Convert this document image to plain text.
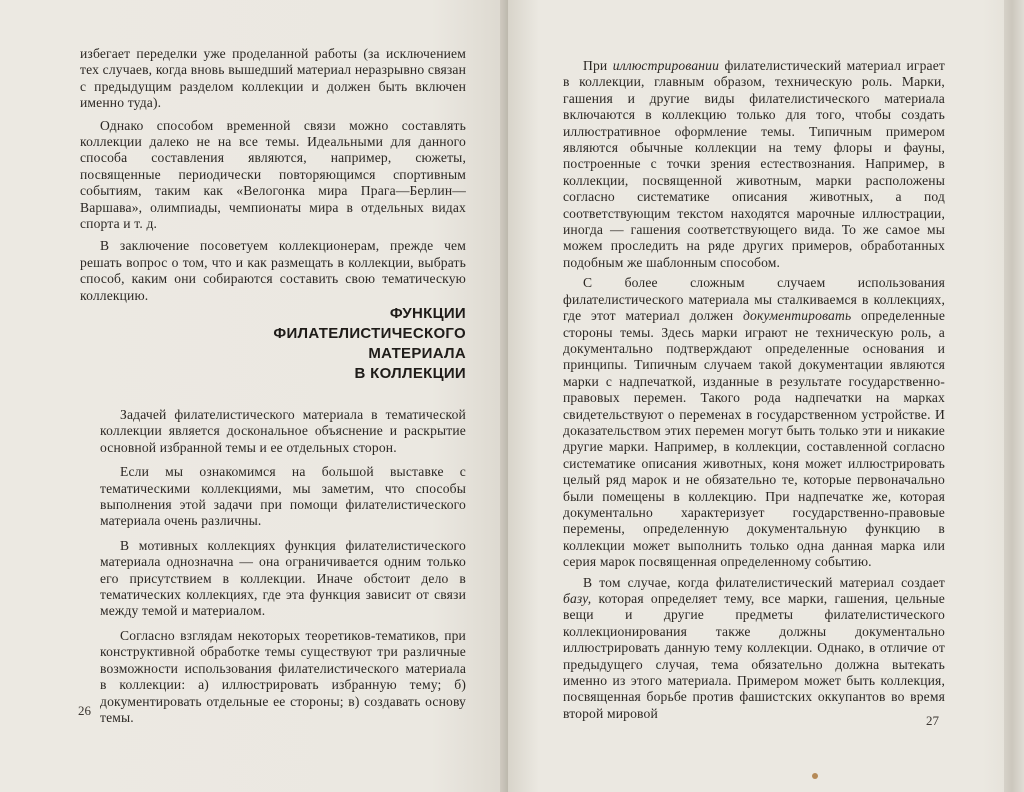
избегает переделки уже проделанной работы (за исключением тех случаев, когда вновь вышедший материал неразрывно связан с предыдущим разделом коллекции и должен быть включен именно туда).

Однако способом временной связи можно составлять коллекции далеко не на все темы. Идеальными для данного способа составления являются, например, сюжеты, посвященные периодически повторяющимся спортивным событиям, таким как «Велогонка мира Прага—Берлин—Варшава», олимпиады, чемпионаты мира в отдельных видах спорта и т. д.

В заключение посоветуем коллекционерам, прежде чем решать вопрос о том, что и как размещать в коллекции, выбрать способ, каким они собираются составить свою тематическую коллекцию.

ФУНКЦИИ
ФИЛАТЕЛИСТИЧЕСКОГО
МАТЕРИАЛА
В КОЛЛЕКЦИИ

Задачей филателистического материала в тематической коллекции является доскональное объяснение и раскрытие основной избранной темы и ее отдельных сторон.

Если мы ознакомимся на большой выставке с тематическими коллекциями, мы заметим, что способы выполнения этой задачи при помощи филателистического материала очень различны.

В мотивных коллекциях функция филателистического материала однозначна — она ограничивается одним только его присутствием в коллекции. Иначе обстоит дело в тематических коллекциях, где эта функция зависит от связи между темой и материалом.

Согласно взглядам некоторых теоретиков-тематиков, при конструктивной обработке темы существуют три различные возможности использования филателистического материала в коллекции: а) иллюстрировать избранную тему; б) документировать отдельные ее стороны; в) создавать основу темы.

26

При иллюстрировании филателистический материал играет в коллекции, главным образом, техническую роль. Марки, гашения и другие виды филателистического материала включаются в коллекцию только для того, чтобы создать иллюстративное оформление темы. Типичным примером являются обычные коллекции на тему флоры и фауны, построенные с точки зрения естествознания. Например, в коллекции, посвященной животным, марки расположены согласно систематике описания животных, а под соответствующим текстом находятся марочные иллюстрации, иногда — гашения соответствующего вида. То же самое мы можем проследить на ряде других примеров, обработанных подобным же шаблонным способом.

С более сложным случаем использования филателистического материала мы сталкиваемся в коллекциях, где этот материал должен документировать определенные стороны темы. Здесь марки играют не техническую роль, а документально подтверждают определенные основания и принципы. Типичным случаем такой документации являются марки с надпечаткой, изданные в результате государственно-правовых перемен. Такого рода надпечатки на марках свидетельствуют о переменах в государственном устройстве. И доказательством этих перемен могут быть только эти и никакие другие марки. Например, в коллекции, составленной согласно систематике описания животных, коня может иллюстрировать целый ряд марок и не обязательно те, которые первоначально были помещены в коллекцию. При надпечатке же, которая документально характеризует государственно-правовые перемены, определенную документальную функцию в коллекции может выполнить только одна данная марка или серия марок посвященная определенному событию.

В том случае, когда филателистический материал создает базу, которая определяет тему, все марки, гашения, цельные вещи и другие предметы филателистического коллекционирования также должны документально иллюстрировать данную тему коллекции. Однако, в отличие от предыдущего случая, тема обязательно должна вытекать именно из этого материала. Примером может быть коллекция, посвященная борьбе против фашистских оккупантов во время второй мировой	27
